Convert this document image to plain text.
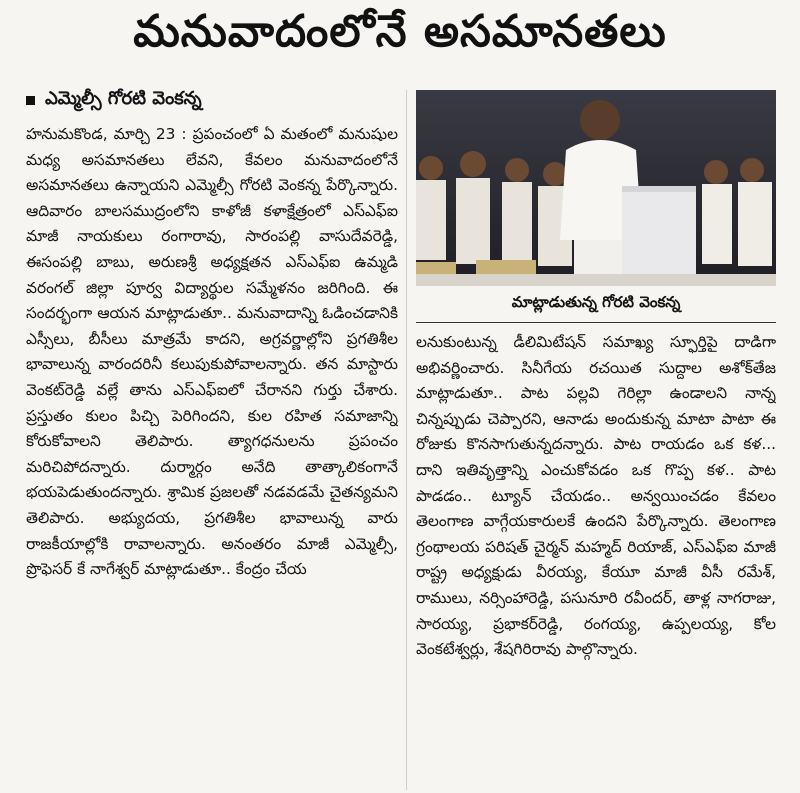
మనువాదంలోనే అసమానతలు
ఎమ్మెల్సీ గోరటి వెంకన్న

హనుమకొండ, మార్చి 23 : ప్రపంచంలో ఏ మతంలో మనుషుల మధ్య అసమానతలు లేవని, కేవలం మనువాదంలోనే అసమానతలు ఉన్నాయని ఎమ్మెల్సీ గోరటి వెంకన్న పేర్కొన్నారు. ఆదివారం బాలసముద్రంలోని కాళోజీ కళాక్షేత్రంలో ఎస్ఎఫ్ఐ మాజీ నాయకులు రంగారావు, సారంపల్లి వాసుదేవరెడ్డి, ఈసంపల్లి బాబు, అరుణశ్రీ అధ్యక్షతన ఎస్ఎఫ్ఐ ఉమ్మడి వరంగల్ జిల్లా పూర్వ విద్యార్థుల సమ్మేళనం జరిగింది. ఈ సందర్భంగా ఆయన మాట్లాడుతూ.. మనువాదాన్ని ఓడించడానికి ఎస్సీలు, బీసీలు మాత్రమే కాదని, అగ్రవర్ణాల్లోని ప్రగతిశీల భావాలున్న వారందరినీ కలుపుకుపోవాలన్నారు. తన మాస్టారు వెంకట్‌రెడ్డి వల్లే తాను ఎస్ఎఫ్ఐలో చేరానని గుర్తు చేశారు. ప్రస్తుతం కులం పిచ్చి పెరిగిందని, కుల రహిత సమాజాన్ని కోరుకోవాలని తెలిపారు. త్యాగధనులను ప్రపంచం మరిచిపోదన్నారు. దుర్మార్గం అనేది తాత్కాలికంగానే భయపెడుతుందన్నారు. శ్రామిక ప్రజలతో నడవడమే చైతన్యమని తెలిపారు. అభ్యుదయ, ప్రగతిశీల భావాలున్న వారు రాజకీయాల్లోకి రావాలన్నారు. అనంతరం మాజీ ఎమ్మెల్సీ, ప్రొఫెసర్ కే నాగేశ్వర్ మాట్లాడుతూ.. కేంద్రం చేయ

మాట్లాడుతున్న గోరటి వెంకన్న

లనుకుంటున్న డీలిమిటేషన్ సమాఖ్య స్ఫూర్తిపై దాడిగా అభివర్ణించారు. సినీగేయ రచయిత సుద్దాల అశోక్‌తేజ మాట్లాడుతూ.. పాట పల్లవి గెరిల్లా ఉండాలని నాన్న చిన్నప్పుడు చెప్పారని, ఆనాడు అందుకున్న మాటా పాటా ఈ రోజుకు కొనసాగుతున్నదన్నారు. పాట రాయడం ఒక కళ... దాని ఇతివృత్తాన్ని ఎంచుకోవడం ఒక గొప్ప కళ.. పాట పాడడం.. ట్యూన్ చేయడం.. అన్వయించడం కేవలం తెలంగాణ వాగ్గేయకారులకే ఉందని పేర్కొన్నారు. తెలంగాణ గ్రంథాలయ పరిషత్ చైర్మన్ మహ్మద్ రియాజ్, ఎస్ఎఫ్ఐ మాజీ రాష్ట్ర అధ్యక్షుడు వీరయ్య, కేయూ మాజీ వీసీ రమేశ్, రాములు, నర్సింహారెడ్డి, పసునూరి రవీందర్, తాళ్ల నాగరాజు, సారయ్య, ప్రభాకర్‌రెడ్డి, రంగయ్య, ఉప్పలయ్య, కోల వెంకటేశ్వర్లు, శేషగిరిరావు పాల్గొన్నారు.
